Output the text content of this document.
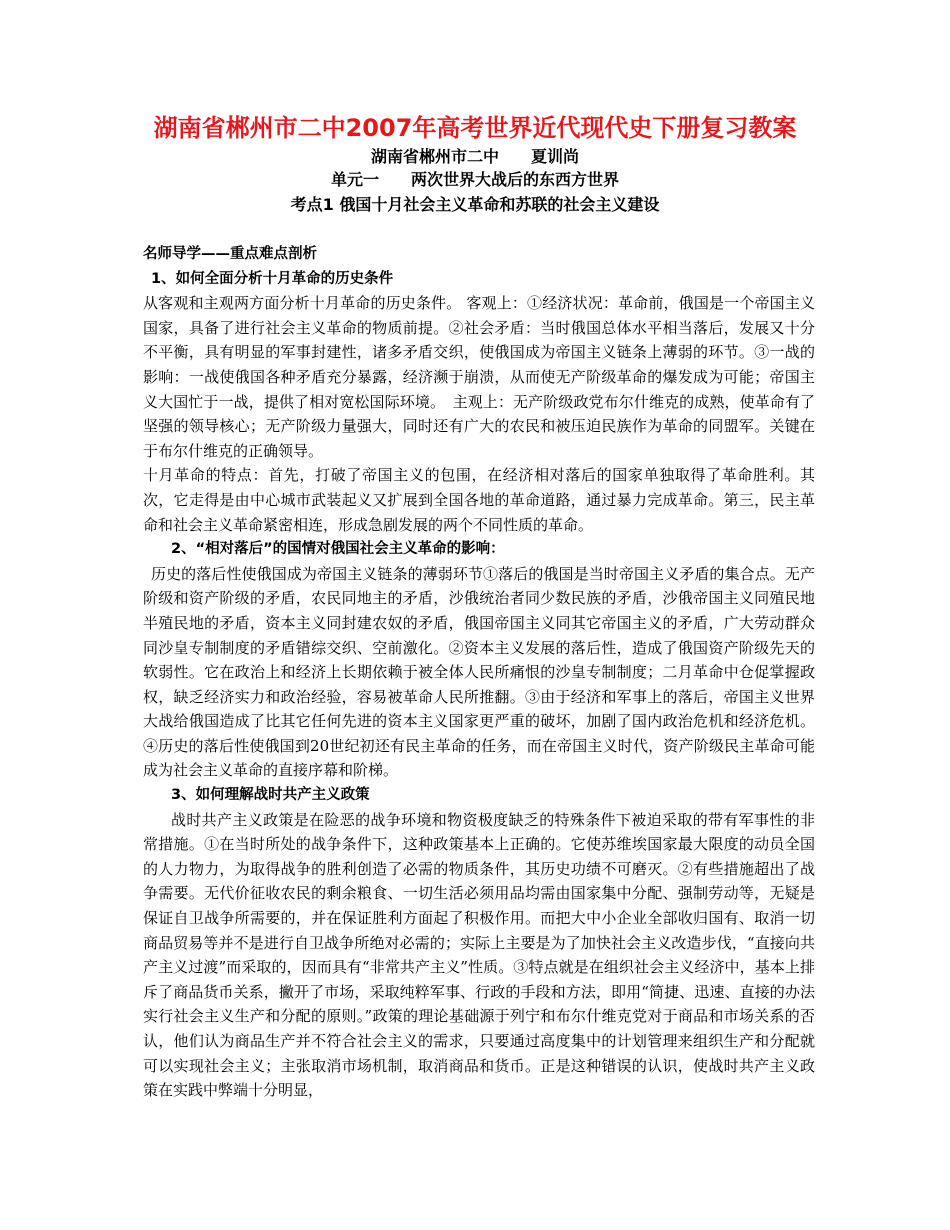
湖南省郴州市二中2007年高考世界近代现代史下册复习教案
湖南省郴州市二中　　夏训尚
单元一　　两次世界大战后的东西方世界
考点1 俄国十月社会主义革命和苏联的社会主义建设

名师导学——重点难点剖析

1、如何全面分析十月革命的历史条件

从客观和主观两方面分析十月革命的历史条件。 客观上：①经济状况：革命前，俄国是一个帝国主义国家，具备了进行社会主义革命的物质前提。②社会矛盾：当时俄国总体水平相当落后，发展又十分不平衡，具有明显的军事封建性，诸多矛盾交织，使俄国成为帝国主义链条上薄弱的环节。③一战的影响：一战使俄国各种矛盾充分暴露，经济濒于崩溃，从而使无产阶级革命的爆发成为可能；帝国主义大国忙于一战，提供了相对宽松国际环境。　主观上：无产阶级政党布尔什维克的成熟，使革命有了坚强的领导核心；无产阶级力量强大，同时还有广大的农民和被压迫民族作为革命的同盟军。关键在于布尔什维克的正确领导。

十月革命的特点：首先，打破了帝国主义的包围，在经济相对落后的国家单独取得了革命胜利。其次，它走得是由中心城市武装起义又扩展到全国各地的革命道路，通过暴力完成革命。第三，民主革命和社会主义革命紧密相连，形成急剧发展的两个不同性质的革命。

2、“相对落后”的国情对俄国社会主义革命的影响：

历史的落后性使俄国成为帝国主义链条的薄弱环节①落后的俄国是当时帝国主义矛盾的集合点。无产阶级和资产阶级的矛盾，农民同地主的矛盾，沙俄统治者同少数民族的矛盾，沙俄帝国主义同殖民地半殖民地的矛盾，资本主义同封建农奴的矛盾，俄国帝国主义同其它帝国主义的矛盾，广大劳动群众同沙皇专制制度的矛盾错综交织、空前激化。②资本主义发展的落后性，造成了俄国资产阶级先天的软弱性。它在政治上和经济上长期依赖于被全体人民所痛恨的沙皇专制制度；二月革命中仓促掌握政权，缺乏经济实力和政治经验，容易被革命人民所推翻。③由于经济和军事上的落后，帝国主义世界大战给俄国造成了比其它任何先进的资本主义国家更严重的破坏，加剧了国内政治危机和经济危机。④历史的落后性使俄国到20世纪初还有民主革命的任务，而在帝国主义时代，资产阶级民主革命可能成为社会主义革命的直接序幕和阶梯。

3、如何理解战时共产主义政策

战时共产主义政策是在险恶的战争环境和物资极度缺乏的特殊条件下被迫采取的带有军事性的非常措施。①在当时所处的战争条件下，这种政策基本上正确的。它使苏维埃国家最大限度的动员全国的人力物力，为取得战争的胜利创造了必需的物质条件，其历史功绩不可磨灭。②有些措施超出了战争需要。无代价征收农民的剩余粮食、一切生活必须用品均需由国家集中分配、强制劳动等，无疑是保证自卫战争所需要的，并在保证胜利方面起了积极作用。而把大中小企业全部收归国有、取消一切商品贸易等并不是进行自卫战争所绝对必需的；实际上主要是为了加快社会主义改造步伐，“直接向共产主义过渡”而采取的，因而具有“非常共产主义”性质。③特点就是在组织社会主义经济中，基本上排斥了商品货币关系，撇开了市场，采取纯粹军事、行政的手段和方法，即用“简捷、迅速、直接的办法实行社会主义生产和分配的原则。”政策的理论基础源于列宁和布尔什维克党对于商品和市场关系的否认，他们认为商品生产并不符合社会主义的需求，只要通过高度集中的计划管理来组织生产和分配就可以实现社会主义；主张取消市场机制，取消商品和货币。正是这种错误的认识，使战时共产主义政策在实践中弊端十分明显，
